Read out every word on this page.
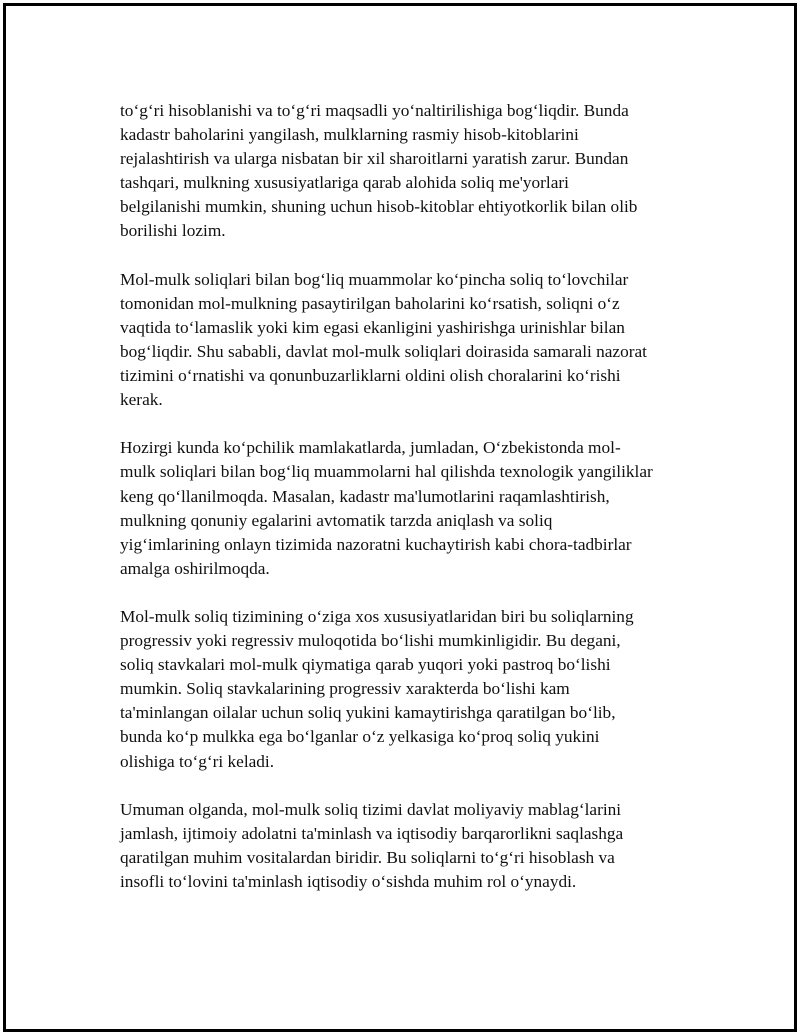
to‘g‘ri hisoblanishi va to‘g‘ri maqsadli yo‘naltirilishiga bog‘liqdir. Bunda
kadastr baholarini yangilash, mulklarning rasmiy hisob-kitoblarini
rejalashtirish va ularga nisbatan bir xil sharoitlarni yaratish zarur. Bundan
tashqari, mulkning xususiyatlariga qarab alohida soliq me'yorlari
belgilanishi mumkin, shuning uchun hisob-kitoblar ehtiyotkorlik bilan olib
borilishi lozim.

Mol-mulk soliqlari bilan bog‘liq muammolar ko‘pincha soliq to‘lovchilar
tomonidan mol-mulkning pasaytirilgan baholarini ko‘rsatish, soliqni o‘z
vaqtida to‘lamaslik yoki kim egasi ekanligini yashirishga urinishlar bilan
bog‘liqdir. Shu sababli, davlat mol-mulk soliqlari doirasida samarali nazorat
tizimini o‘rnatishi va qonunbuzarliklarni oldini olish choralarini ko‘rishi
kerak.

Hozirgi kunda ko‘pchilik mamlakatlarda, jumladan, O‘zbekistonda mol-
mulk soliqlari bilan bog‘liq muammolarni hal qilishda texnologik yangiliklar
keng qo‘llanilmoqda. Masalan, kadastr ma'lumotlarini raqamlashtirish,
mulkning qonuniy egalarini avtomatik tarzda aniqlash va soliq
yig‘imlarining onlayn tizimida nazoratni kuchaytirish kabi chora-tadbirlar
amalga oshirilmoqda.

Mol-mulk soliq tizimining o‘ziga xos xususiyatlaridan biri bu soliqlarning
progressiv yoki regressiv muloqotida bo‘lishi mumkinligidir. Bu degani,
soliq stavkalari mol-mulk qiymatiga qarab yuqori yoki pastroq bo‘lishi
mumkin. Soliq stavkalarining progressiv xarakterda bo‘lishi kam
ta'minlangan oilalar uchun soliq yukini kamaytirishga qaratilgan bo‘lib,
bunda ko‘p mulkka ega bo‘lganlar o‘z yelkasiga ko‘proq soliq yukini
olishiga to‘g‘ri keladi.

Umuman olganda, mol-mulk soliq tizimi davlat moliyaviy mablag‘larini
jamlash, ijtimoiy adolatni ta'minlash va iqtisodiy barqarorlikni saqlashga
qaratilgan muhim vositalardan biridir. Bu soliqlarni to‘g‘ri hisoblash va
insofli to‘lovini ta'minlash iqtisodiy o‘sishda muhim rol o‘ynaydi.
